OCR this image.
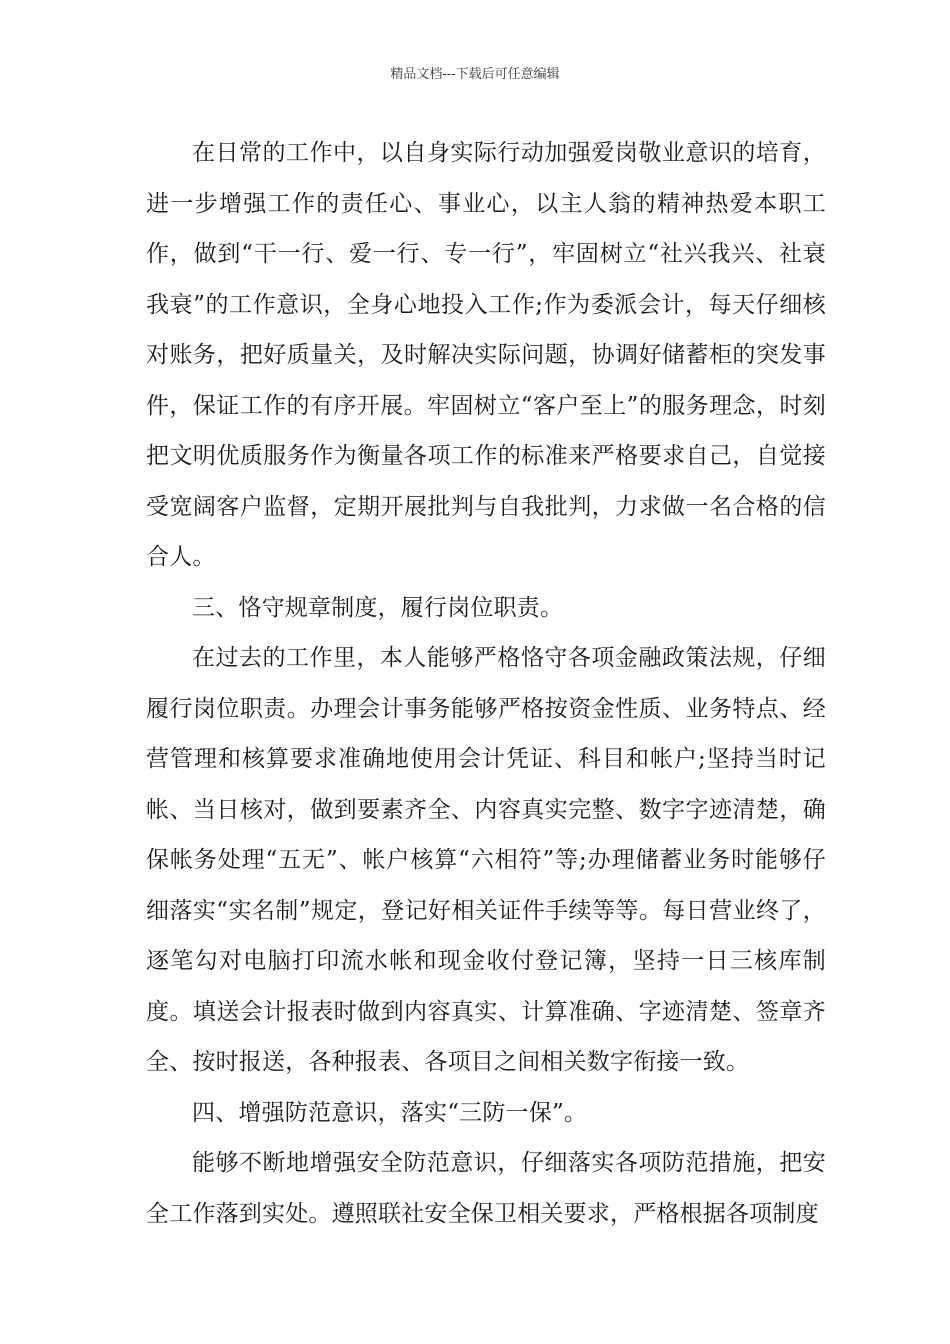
精品文档---下载后可任意编辑

在日常的工作中，以自身实际行动加强爱岗敬业意识的培育，进一步增强工作的责任心、事业心，以主人翁的精神热爱本职工作，做到“干一行、爱一行、专一行”，牢固树立“社兴我兴、社衰我衰”的工作意识，全身心地投入工作;作为委派会计，每天仔细核对账务，把好质量关，及时解决实际问题，协调好储蓄柜的突发事件，保证工作的有序开展。牢固树立“客户至上”的服务理念，时刻把文明优质服务作为衡量各项工作的标准来严格要求自己，自觉接受宽阔客户监督，定期开展批判与自我批判，力求做一名合格的信合人。

三、恪守规章制度，履行岗位职责。

在过去的工作里，本人能够严格恪守各项金融政策法规，仔细履行岗位职责。办理会计事务能够严格按资金性质、业务特点、经营管理和核算要求准确地使用会计凭证、科目和帐户;坚持当时记帐、当日核对，做到要素齐全、内容真实完整、数字字迹清楚，确保帐务处理“五无”、帐户核算“六相符”等;办理储蓄业务时能够仔细落实“实名制”规定，登记好相关证件手续等等。每日营业终了，逐笔勾对电脑打印流水帐和现金收付登记簿，坚持一日三核库制度。填送会计报表时做到内容真实、计算准确、字迹清楚、签章齐全、按时报送，各种报表、各项目之间相关数字衔接一致。

四、增强防范意识，落实“三防一保”。

能够不断地增强安全防范意识，仔细落实各项防范措施，把安全工作落到实处。遵照联社安全保卫相关要求，严格根据各项制度
